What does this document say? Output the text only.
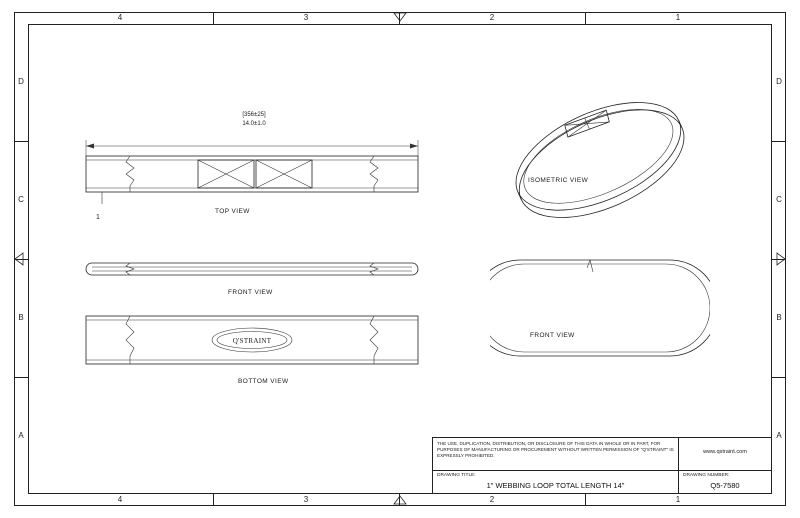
4	3	2	1
4	3	2	1
D
C
B
A
D
C
B
A
[356±25]
14.0±1.0
TOP VIEW
1
FRONT VIEW
Q'STRAINT
BOTTOM VIEW
ISOMETRIC VIEW
FRONT VIEW
THE USE, DUPLICATION, DISTRIBUTION, OR DISCLOSURE OF THIS DATA IN WHOLE OR IN PART, FOR PURPOSES OF MANUFACTURING OR PROCUREMENT WITHOUT WRITTEN PERMISSION OF "Q'STRAINT" IS EXPRESSLY PROHIBITED.
www.qstraint.com
DRAWING TITLE:
1" WEBBING LOOP TOTAL LENGTH 14"
DRAWING NUMBER:
Q5-7580
